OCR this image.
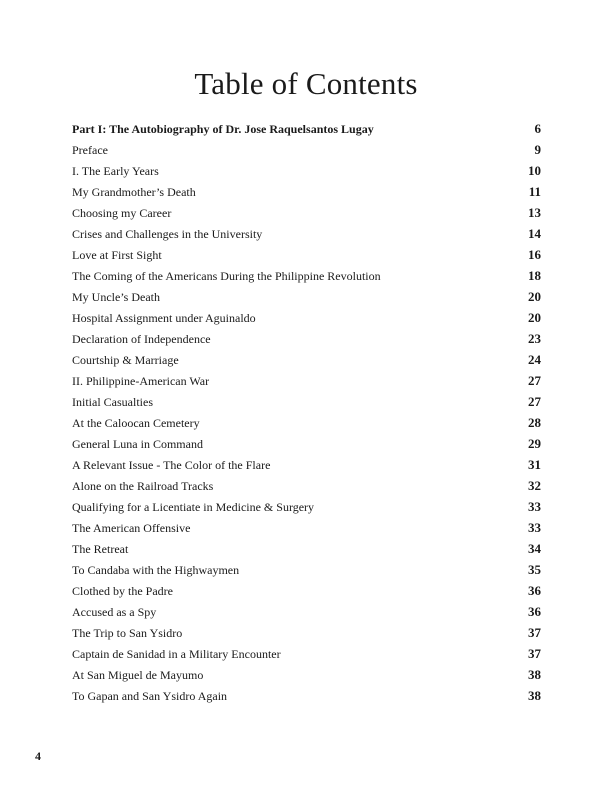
Table of Contents
Part I: The Autobiography of Dr. Jose Raquelsantos Lugay	6
Preface	9
I. The Early Years	10
My Grandmother’s Death	11
Choosing my Career	13
Crises and Challenges in the University	14
Love at First Sight	16
The Coming of the Americans During the Philippine Revolution	18
My Uncle’s Death	20
Hospital Assignment under Aguinaldo	20
Declaration of Independence	23
Courtship & Marriage	24
II. Philippine-American War	27
Initial Casualties	27
At the Caloocan Cemetery	28
General Luna in Command	29
A Relevant Issue - The Color of the Flare	31
Alone on the Railroad Tracks	32
Qualifying for a Licentiate in Medicine & Surgery	33
The American Offensive	33
The Retreat	34
To Candaba with the Highwaymen	35
Clothed by the Padre	36
Accused as a Spy	36
The Trip to San Ysidro	37
Captain de Sanidad in a Military Encounter	37
At San Miguel de Mayumo	38
To Gapan and San Ysidro Again	38
4
